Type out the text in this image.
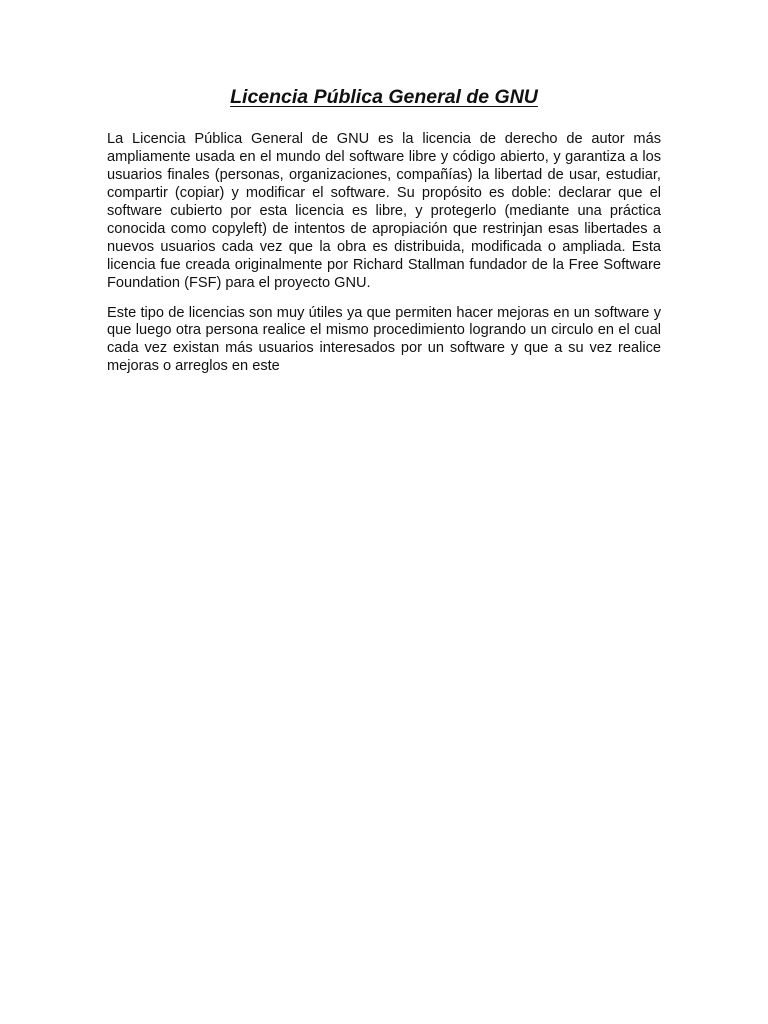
Licencia Pública General de GNU

La Licencia Pública General de GNU es la licencia de derecho de autor más ampliamente usada en el mundo del software libre y código abierto, y garantiza a los usuarios finales (personas, organizaciones, compañías) la libertad de usar, estudiar, compartir (copiar) y modificar el software. Su propósito es doble: declarar que el software cubierto por esta licencia es libre, y protegerlo (mediante una práctica conocida como copyleft) de intentos de apropiación que restrinjan esas libertades a nuevos usuarios cada vez que la obra es distribuida, modificada o ampliada. Esta licencia fue creada originalmente por Richard Stallman fundador de la Free Software Foundation (FSF) para el proyecto GNU.

Este tipo de licencias son muy útiles ya que permiten hacer mejoras en un software y que luego otra persona realice el mismo procedimiento logrando un circulo en el cual cada vez existan más usuarios interesados por un software y que a su vez realice mejoras o arreglos en este
